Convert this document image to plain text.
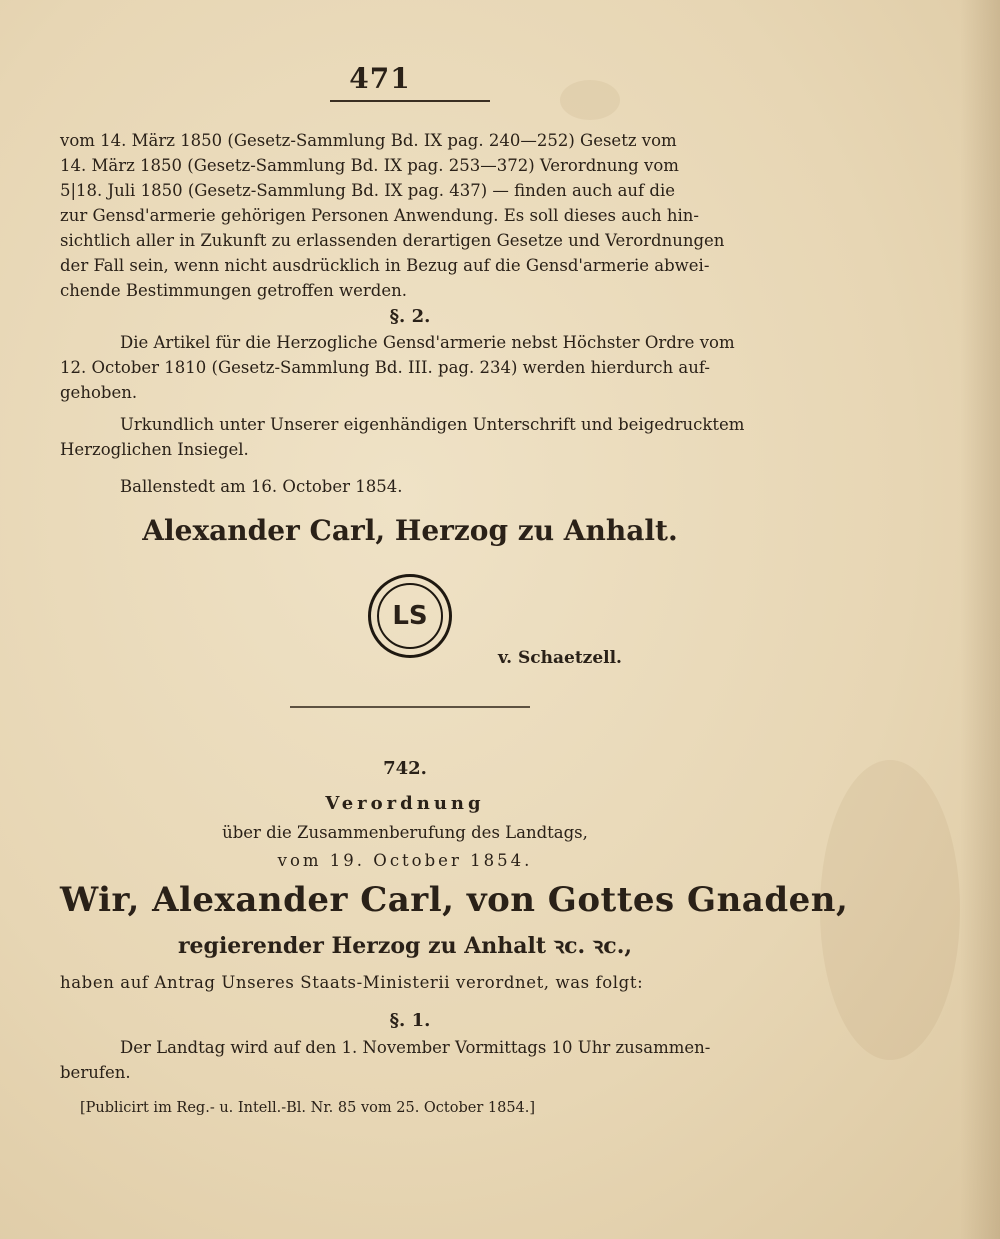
471
vom 14. März 1850 (Gesetz-Sammlung Bd. IX pag. 240—252) Gesetz vom
14. März 1850 (Gesetz-Sammlung Bd. IX pag. 253—372) Verordnung vom
5|18. Juli 1850 (Gesetz-Sammlung Bd. IX pag. 437) — finden auch auf die
zur Gensd'armerie gehörigen Personen Anwendung. Es soll dieses auch hin-
sichtlich aller in Zukunft zu erlassenden derartigen Gesetze und Verordnungen
der Fall sein, wenn nicht ausdrücklich in Bezug auf die Gensd'armerie abwei-
chende Bestimmungen getroffen werden.
§. 2.
Die Artikel für die Herzogliche Gensd'armerie nebst Höchster Ordre vom
12. October 1810 (Gesetz-Sammlung Bd. III. pag. 234) werden hierdurch auf-
gehoben.
Urkundlich unter Unserer eigenhändigen Unterschrift und beigedrucktem
Herzoglichen Insiegel.
Ballenstedt am 16. October 1854.
Alexander Carl, Herzog zu Anhalt.
LS
v. Schaetzell.
742.
Verordnung
über die Zusammenberufung des Landtags,
vom 19. October 1854.
Wir, Alexander Carl, von Gottes Gnaden,
regierender Herzog zu Anhalt ꝛc. ꝛc.,
haben auf Antrag Unseres Staats-Ministerii verordnet, was folgt:
§. 1.
Der Landtag wird auf den 1. November Vormittags 10 Uhr zusammen-
berufen.
[Publicirt im Reg.- u. Intell.-Bl. Nr. 85 vom 25. October 1854.]
